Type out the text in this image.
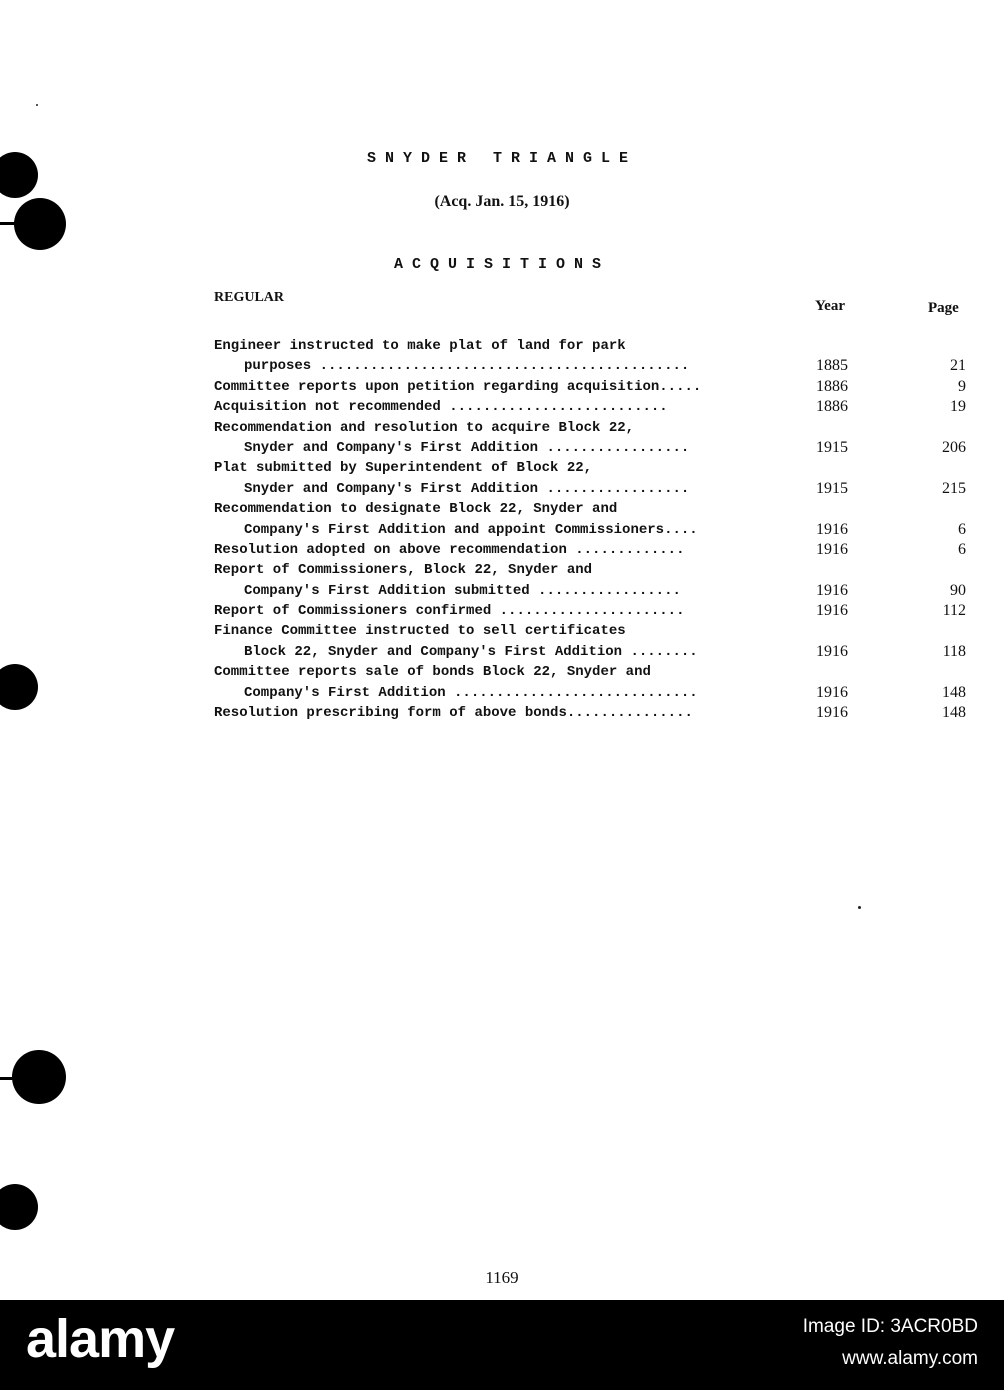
SNYDER TRIANGLE
(Acq. Jan. 15, 1916)
ACQUISITIONS
REGULAR
Year	Page
Engineer instructed to make plat of land for park
purposes ............................................	1885	21
Committee reports upon petition regarding acquisition.....	1886	9
Acquisition not recommended ..........................	1886	19
Recommendation and resolution to acquire Block 22,
Snyder and Company's First Addition .................	1915	206
Plat submitted by Superintendent of Block 22,
Snyder and Company's First Addition .................	1915	215
Recommendation to designate Block 22, Snyder and
Company's First Addition and appoint Commissioners....	1916	6
Resolution adopted on above recommendation .............	1916	6
Report of Commissioners, Block 22, Snyder and
Company's First Addition submitted .................	1916	90
Report of Commissioners confirmed ......................	1916	112
Finance Committee instructed to sell certificates
Block 22, Snyder and Company's First Addition ........	1916	118
Committee reports sale of bonds Block 22, Snyder and
Company's First Addition .............................	1916	148
Resolution prescribing form of above bonds...............	1916	148
1169
alamy	Image ID: 3ACR0BD
www.alamy.com
